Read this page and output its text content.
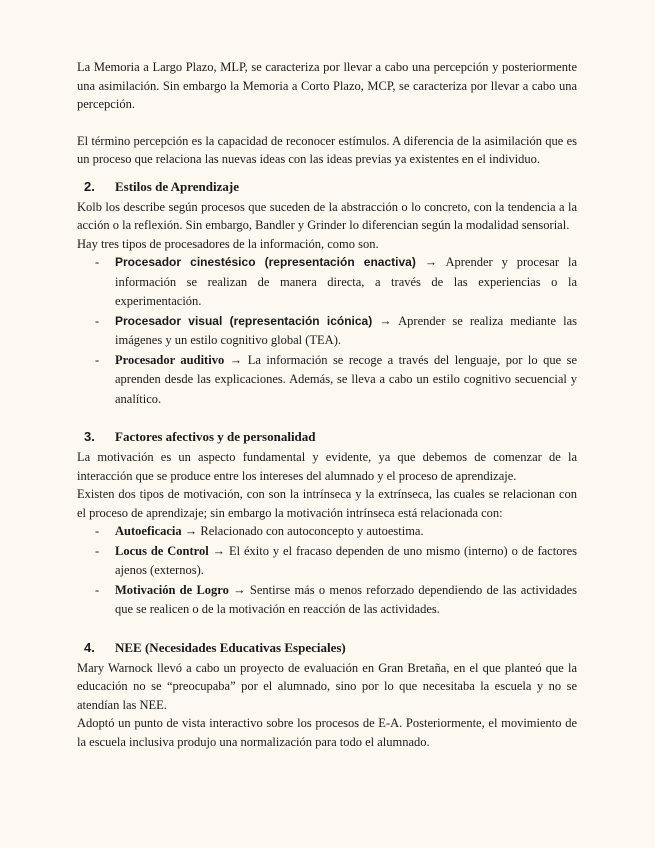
La Memoria a Largo Plazo, MLP, se caracteriza por llevar a cabo una percepción y posteriormente una asimilación. Sin embargo la Memoria a Corto Plazo, MCP, se caracteriza por llevar a cabo una percepción.

El término percepción es la capacidad de reconocer estímulos. A diferencia de la asimilación que es un proceso que relaciona las nuevas ideas con las ideas previas ya existentes en el individuo.

2. Estilos de Aprendizaje

Kolb los describe según procesos que suceden de la abstracción o lo concreto, con la tendencia a la acción o la reflexión. Sin embargo, Bandler y Grinder lo diferencian según la modalidad sensorial.

Hay tres tipos de procesadores de la información, como son.

- Procesador cinestésico (representación enactiva) → Aprender y procesar la información se realizan de manera directa, a través de las experiencias o la experimentación.
- Procesador visual (representación icónica) → Aprender se realiza mediante las imágenes y un estilo cognitivo global (TEA).
- Procesador auditivo → La información se recoge a través del lenguaje, por lo que se aprenden desde las explicaciones. Además, se lleva a cabo un estilo cognitivo secuencial y analítico.
3. Factores afectivos y de personalidad

La motivación es un aspecto fundamental y evidente, ya que debemos de comenzar de la interacción que se produce entre los intereses del alumnado y el proceso de aprendizaje.

Existen dos tipos de motivación, con son la intrínseca y la extrínseca, las cuales se relacionan con el proceso de aprendizaje; sin embargo la motivación intrínseca está relacionada con:

- Autoeficacia → Relacionado con autoconcepto y autoestima.
- Locus de Control → El éxito y el fracaso dependen de uno mismo (interno) o de factores ajenos (externos).
- Motivación de Logro → Sentirse más o menos reforzado dependiendo de las actividades que se realicen o de la motivación en reacción de las actividades.
4. NEE (Necesidades Educativas Especiales)

Mary Warnock llevó a cabo un proyecto de evaluación en Gran Bretaña, en el que planteó que la educación no se “preocupaba” por el alumnado, sino por lo que necesitaba la escuela y no se atendían las NEE.

Adoptó un punto de vista interactivo sobre los procesos de E-A. Posteriormente, el movimiento de la escuela inclusiva produjo una normalización para todo el alumnado.
